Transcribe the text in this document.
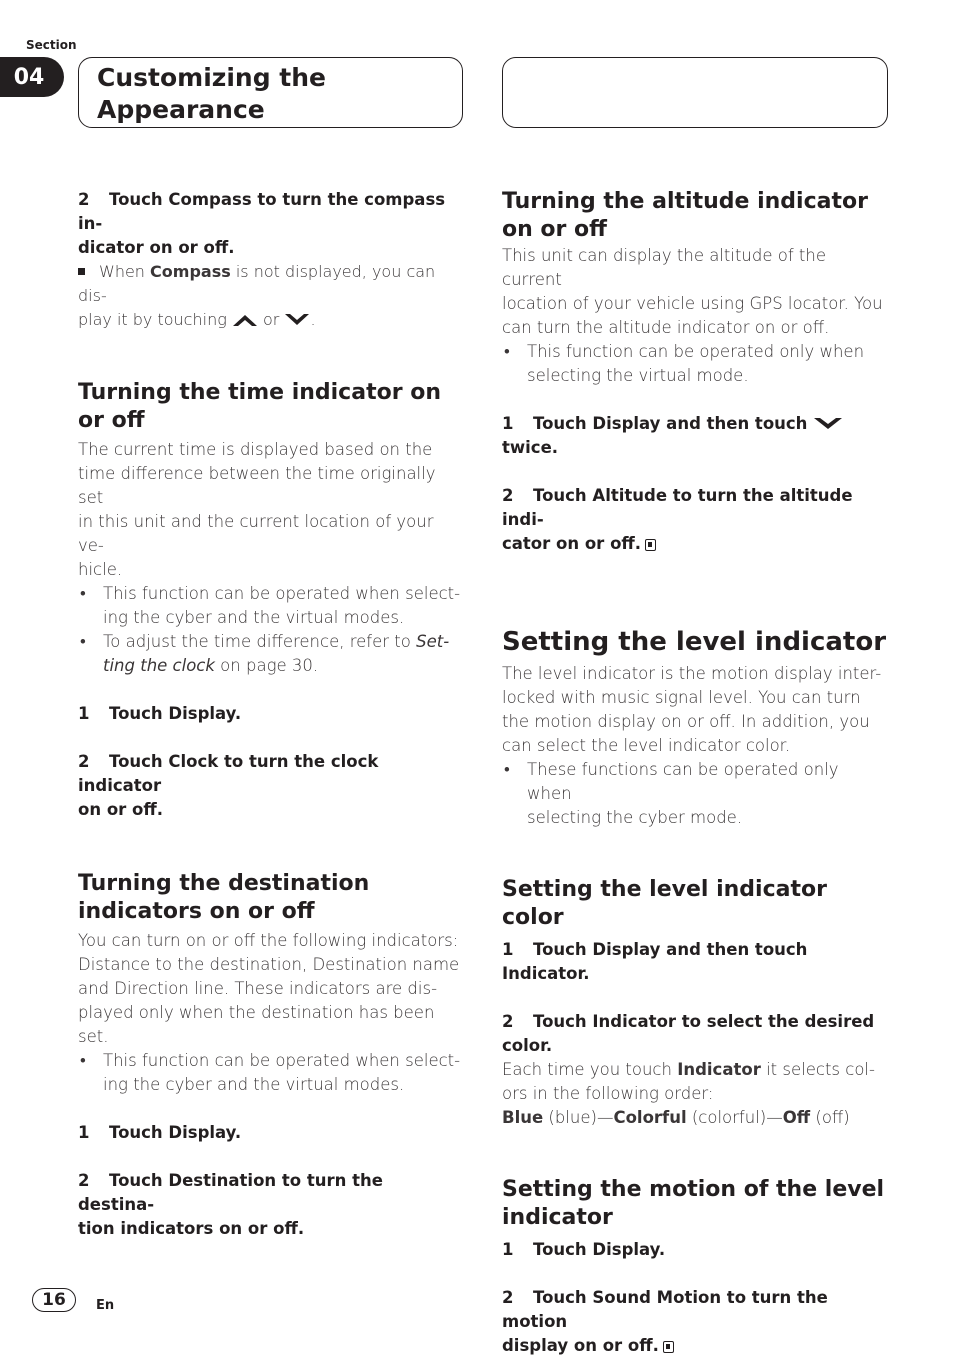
Section
04	Customizing the
Appearance

2 Touch Compass to turn the compass in-

dicator on or off.

When Compass is not displayed, you can dis-

play it by touching  or .

Turning the time indicator on

or off

The current time is displayed based on the

time difference between the time originally set

in this unit and the current location of your ve-

hicle.

• This function can be operated when select-
ing the cyber and the virtual modes.
• To adjust the time difference, refer to Set-
ting the clock on page 30.

1 Touch Display.

2 Touch Clock to turn the clock indicator

on or off.

Turning the destination

indicators on or off

You can turn on or off the following indicators:

Distance to the destination, Destination name

and Direction line. These indicators are dis-

played only when the destination has been

set.

• This function can be operated when select-
ing the cyber and the virtual modes.

1 Touch Display.

2 Touch Destination to turn the destina-

tion indicators on or off.

Turning the altitude indicator

on or off

This unit can display the altitude of the current

location of your vehicle using GPS locator. You

can turn the altitude indicator on or off.

• This function can be operated only when
selecting the virtual mode.

1 Touch Display and then touch  twice.

2 Touch Altitude to turn the altitude indi-

cator on or off.

Setting the level indicator

The level indicator is the motion display inter-

locked with music signal level. You can turn

the motion display on or off. In addition, you

can select the level indicator color.

• These functions can be operated only when
selecting the cyber mode.

Setting the level indicator color

1 Touch Display and then touch Indicator.

2 Touch Indicator to select the desired

color.

Each time you touch Indicator it selects col-

ors in the following order:

Blue (blue)—Colorful (colorful)—Off (off)

Setting the motion of the level

indicator

1 Touch Display.

2 Touch Sound Motion to turn the motion

display on or off.

16	En
